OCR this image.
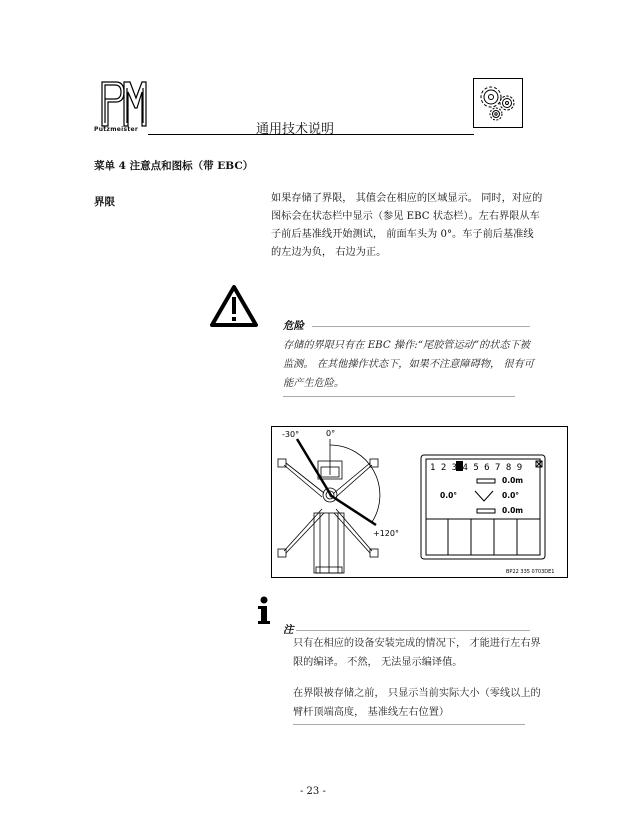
Putzmeister	通用技术说明
菜单 4 注意点和图标（带 EBC）
界限	如果存储了界限， 其值会在相应的区域显示。 同时，对应的图标会在状态栏中显示（参见 EBC 状态栏）。左右界限从车子前后基准线开始测试， 前面车头为 0°。车子前后基准线的左边为负， 右边为正。
危险
存储的界限只有在 EBC 操作:“尾胶管运动”的状态下被监测。 在其他操作状态下，如果不注意障碍物， 很有可能产生危险。
-30°	0°
+120°
1 2 3 4 5 6 7 8 9
0.0m
0.0°	0.0°
0.0m
BP22 335 0703DE1
注
只有在相应的设备安装完成的情况下， 才能进行左右界限的编译。 不然， 无法显示编译值。
在界限被存储之前， 只显示当前实际大小（零线以上的臂杆顶端高度， 基准线左右位置）
- 23 -
